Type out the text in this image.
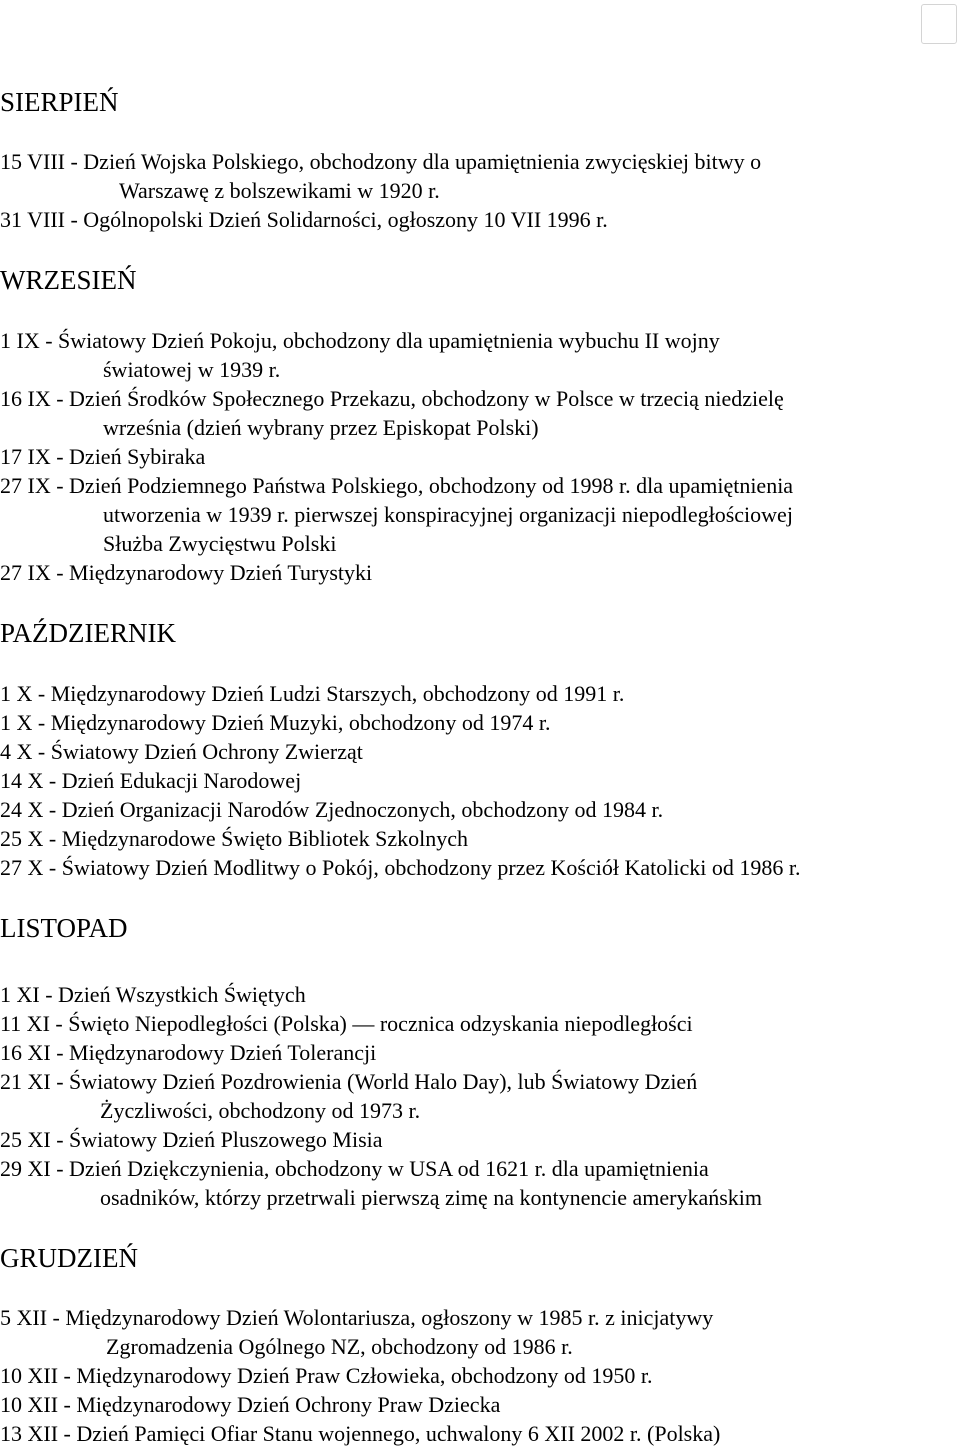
SIERPIEŃ
15 VIII - Dzień Wojska Polskiego, obchodzony dla upamiętnienia zwycięskiej bitwy o
Warszawę z bolszewikami w 1920 r.
31 VIII - Ogólnopolski Dzień Solidarności, ogłoszony 10 VII 1996 r.
WRZESIEŃ
1 IX - Światowy Dzień Pokoju, obchodzony dla upamiętnienia wybuchu II wojny
światowej w 1939 r.
16 IX - Dzień Środków Społecznego Przekazu, obchodzony w Polsce w trzecią niedzielę
września (dzień wybrany przez Episkopat Polski)
17 IX - Dzień Sybiraka
27 IX - Dzień Podziemnego Państwa Polskiego, obchodzony od 1998 r. dla upamiętnienia
utworzenia w 1939 r. pierwszej konspiracyjnej organizacji niepodległościowej
Służba Zwycięstwu Polski
27 IX - Międzynarodowy Dzień Turystyki
PAŹDZIERNIK
1 X - Międzynarodowy Dzień Ludzi Starszych, obchodzony od 1991 r.
1 X - Międzynarodowy Dzień Muzyki, obchodzony od 1974 r.
4 X - Światowy Dzień Ochrony Zwierząt
14 X - Dzień Edukacji Narodowej
24 X - Dzień Organizacji Narodów Zjednoczonych, obchodzony od 1984 r.
25 X - Międzynarodowe Święto Bibliotek Szkolnych
27 X - Światowy Dzień Modlitwy o Pokój, obchodzony przez Kościół Katolicki od 1986 r.
LISTOPAD
1 XI - Dzień Wszystkich Świętych
11 XI - Święto Niepodległości (Polska) — rocznica odzyskania niepodległości
16 XI - Międzynarodowy Dzień Tolerancji
21 XI - Światowy Dzień Pozdrowienia (World Halo Day), lub Światowy Dzień
Życzliwości, obchodzony od 1973 r.
25 XI - Światowy Dzień Pluszowego Misia
29 XI - Dzień Dziękczynienia, obchodzony w USA od 1621 r. dla upamiętnienia
osadników, którzy przetrwali pierwszą zimę na kontynencie amerykańskim
GRUDZIEŃ
5 XII - Międzynarodowy Dzień Wolontariusza, ogłoszony w 1985 r. z inicjatywy
Zgromadzenia Ogólnego NZ, obchodzony od 1986 r.
10 XII - Międzynarodowy Dzień Praw Człowieka, obchodzony od 1950 r.
10 XII - Międzynarodowy Dzień Ochrony Praw Dziecka
13 XII - Dzień Pamięci Ofiar Stanu wojennego, uchwalony 6 XII 2002 r. (Polska)
